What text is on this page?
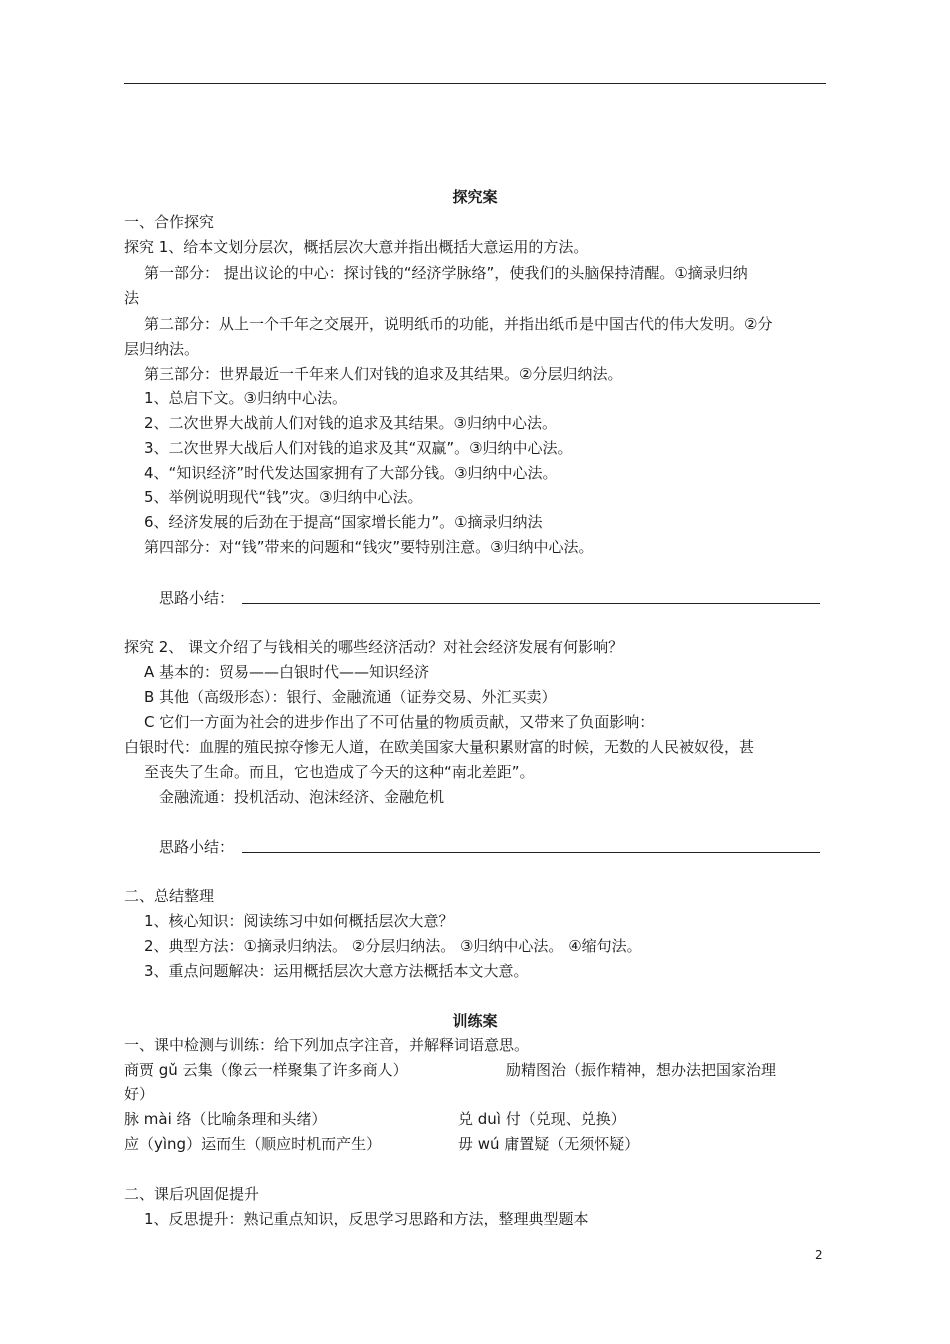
探究案
一、合作探究
探究 1、给本文划分层次，概括层次大意并指出概括大意运用的方法。
第一部分： 提出议论的中心：探讨钱的“经济学脉络”，使我们的头脑保持清醒。①摘录归纳
法
第二部分：从上一个千年之交展开，说明纸币的功能，并指出纸币是中国古代的伟大发明。②分
层归纳法。
第三部分：世界最近一千年来人们对钱的追求及其结果。②分层归纳法。
1、总启下文。③归纳中心法。
2、二次世界大战前人们对钱的追求及其结果。③归纳中心法。
3、二次世界大战后人们对钱的追求及其“双赢”。③归纳中心法。
4、“知识经济”时代发达国家拥有了大部分钱。③归纳中心法。
5、举例说明现代“钱”灾。③归纳中心法。
6、经济发展的后劲在于提高“国家增长能力”。①摘录归纳法
第四部分：对“钱”带来的问题和“钱灾”要特别注意。③归纳中心法。
思路小结：
探究 2、 课文介绍了与钱相关的哪些经济活动？对社会经济发展有何影响？
A 基本的：贸易——白银时代——知识经济
B 其他（高级形态）：银行、金融流通（证券交易、外汇买卖）
C 它们一方面为社会的进步作出了不可估量的物质贡献，又带来了负面影响：
白银时代：血腥的殖民掠夺惨无人道，在欧美国家大量积累财富的时候，无数的人民被奴役，甚
至丧失了生命。而且，它也造成了今天的这种“南北差距”。
金融流通：投机活动、泡沫经济、金融危机
思路小结：
二、总结整理
1、核心知识：阅读练习中如何概括层次大意？
2、典型方法：①摘录归纳法。 ②分层归纳法。 ③归纳中心法。 ④缩句法。
3、重点问题解决：运用概括层次大意方法概括本文大意。
训练案
一、课中检测与训练：给下列加点字注音，并解释词语意思。
商贾 gǔ 云集（像云一样聚集了许多商人）	励精图治（振作精神，想办法把国家治理
好）
脉 mài 络（比喻条理和头绪）	兑 duì 付（兑现、兑换）
应（yìng）运而生（顺应时机而产生）	毋 wú 庸置疑（无须怀疑）
二、课后巩固促提升
1、反思提升：熟记重点知识，反思学习思路和方法，整理典型题本
2
